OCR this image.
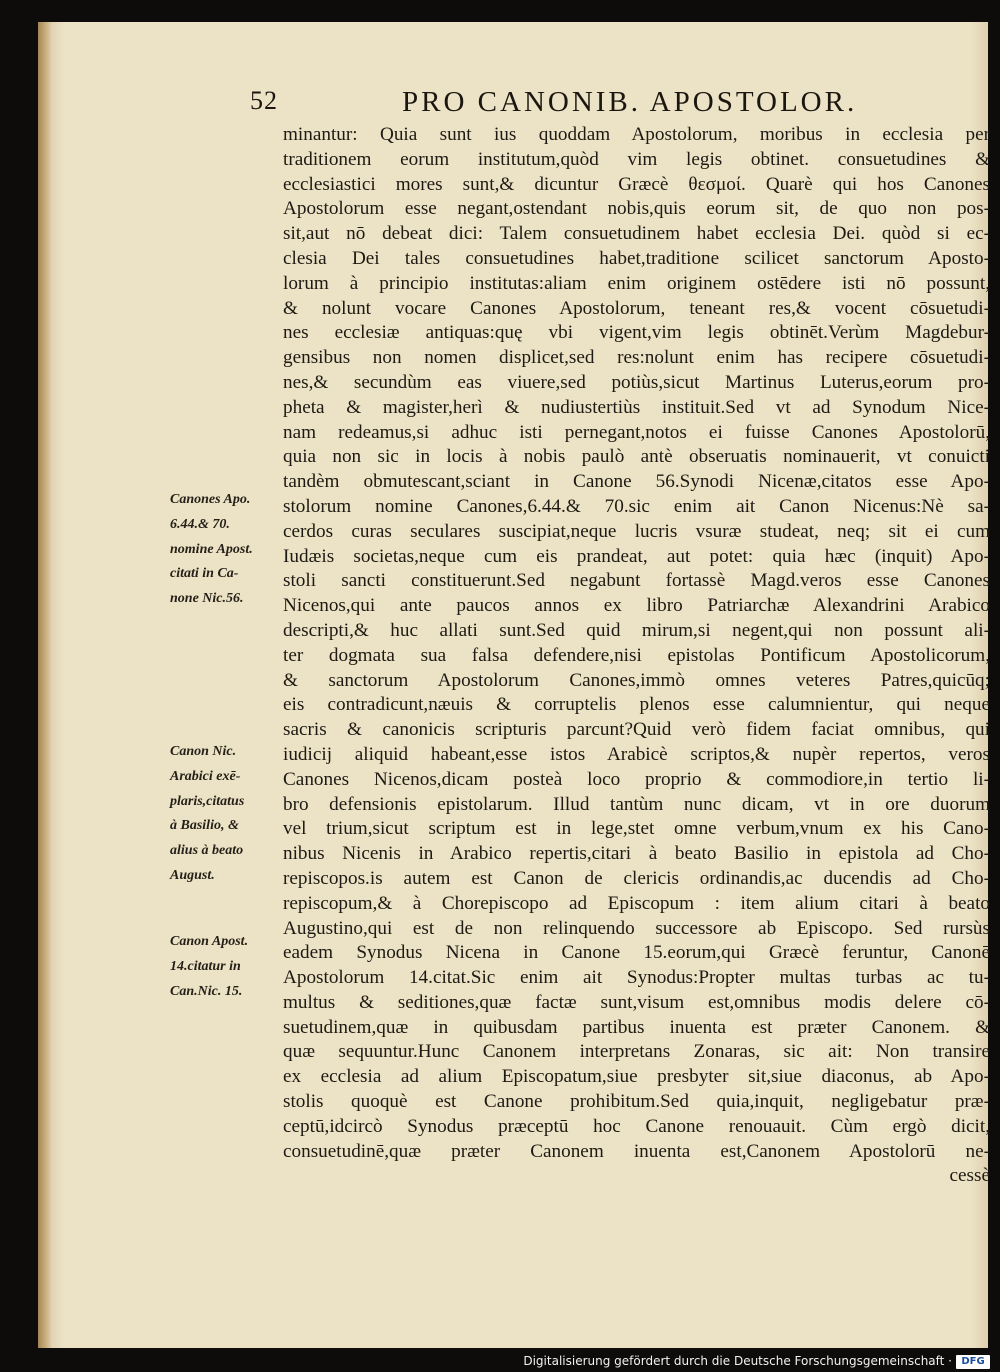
52	PRO CANONIB. APOSTOLOR.
minantur: Quia sunt ius quoddam Apostolorum, moribus in ecclesia per
traditionem eorum institutum,quòd vim legis obtinet. consuetudines &
ecclesiastici mores sunt,& dicuntur Græcè θεσμοί. Quarè qui hos Canones
Apostolorum esse negant,ostendant nobis,quis eorum sit, de quo non pos-
sit,aut nō debeat dici: Talem consuetudinem habet ecclesia Dei. quòd si ec-
clesia Dei tales consuetudines habet,traditione scilicet sanctorum Aposto-
lorum à principio institutas:aliam enim originem ostēdere isti nō possunt,
& nolunt vocare Canones Apostolorum, teneant res,& vocent cōsuetudi-
nes ecclesiæ antiquas:quę vbi vigent,vim legis obtinēt.Verùm Magdebur-
gensibus non nomen displicet,sed res:nolunt enim has recipere cōsuetudi-
nes,& secundùm eas viuere,sed potiùs,sicut Martinus Luterus,eorum pro-
pheta & magister,herì & nudiustertiùs instituit.Sed vt ad Synodum Nice-
nam redeamus,si adhuc isti pernegant,notos ei fuisse Canones Apostolorū,
quia non sic in locis à nobis paulò antè obseruatis nominauerit, vt conuicti
tandèm obmutescant,sciant in Canone 56.Synodi Nicenæ,citatos esse Apo-
stolorum nomine Canones,6.44.& 70.sic enim ait Canon Nicenus:Nè sa-
cerdos curas seculares suscipiat,neque lucris vsuræ studeat, neq; sit ei cum
Iudæis societas,neque cum eis prandeat, aut potet: quia hæc (inquit) Apo-
stoli sancti constituerunt.Sed negabunt fortassè Magd.veros esse Canones
Nicenos,qui ante paucos annos ex libro Patriarchæ Alexandrini Arabico
descripti,& huc allati sunt.Sed quid mirum,si negent,qui non possunt ali-
ter dogmata sua falsa defendere,nisi epistolas Pontificum Apostolicorum,
& sanctorum Apostolorum Canones,immò omnes veteres Patres,quicūq;
eis contradicunt,næuis & corruptelis plenos esse calumnientur, qui neque
sacris & canonicis scripturis parcunt?Quid verò fidem faciat omnibus, qui
iudicij aliquid habeant,esse istos Arabicè scriptos,& nupèr repertos, veros
Canones Nicenos,dicam posteà loco proprio & commodiore,in tertio li-
bro defensionis epistolarum. Illud tantùm nunc dicam, vt in ore duorum
vel trium,sicut scriptum est in lege,stet omne verbum,vnum ex his Cano-
nibus Nicenis in Arabico repertis,citari à beato Basilio in epistola ad Cho-
repiscopos.is autem est Canon de clericis ordinandis,ac ducendis ad Cho-
repiscopum,& à Chorepiscopo ad Episcopum : item alium citari à beato
Augustino,qui est de non relinquendo successore ab Episcopo. Sed rursùs
eadem Synodus Nicena in Canone 15.eorum,qui Græcè feruntur, Canonē
Apostolorum 14.citat.Sic enim ait Synodus:Propter multas turbas ac tu-
multus & seditiones,quæ factæ sunt,visum est,omnibus modis delere cō-
suetudinem,quæ in quibusdam partibus inuenta est præter Canonem. &
quæ sequuntur.Hunc Canonem interpretans Zonaras, sic ait: Non transire
ex ecclesia ad alium Episcopatum,siue presbyter sit,siue diaconus, ab Apo-
stolis quoquè est Canone prohibitum.Sed quia,inquit, negligebatur præ-
ceptū,idcircò Synodus præceptū hoc Canone renouauit. Cùm ergò dicit,
consuetudinē,quæ præter Canonem inuenta est,Canonem Apostolorū ne-
cessè
Canones Apo.
6.44.& 70.
nomine Apost.
citati in Ca-
none Nic.56.
Canon Nic.
Arabici exē-
plaris,citatus
à Basilio, &
alius à beato
August.
Canon Apost.
14.citatur in
Can.Nic. 15.
Digitalisierung gefördert durch die Deutsche Forschungsgemeinschaft · DFG
